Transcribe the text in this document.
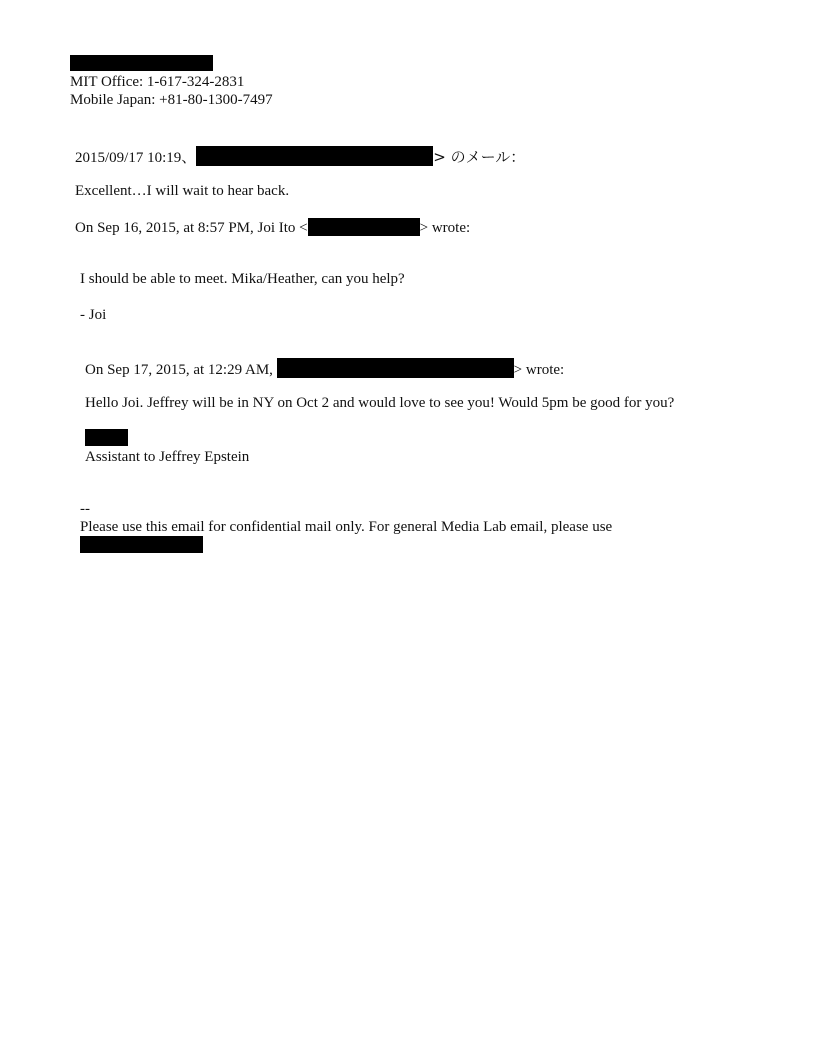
MIT Office: 1-617-324-2831
Mobile Japan: +81-80-1300-7497
2015/09/17 10:19、	> のメール：
Excellent…I will wait to hear back.
On Sep 16, 2015, at 8:57 PM, Joi Ito <	> wrote:
I should be able to meet. Mika/Heather, can you help?
- Joi
On Sep 17, 2015, at 12:29 AM,	> wrote:
Hello Joi. Jeffrey will be in NY on Oct 2 and would love to see you! Would 5pm be good for you?
Assistant to Jeffrey Epstein
--
Please use this email for confidential mail only. For general Media Lab email, please use
